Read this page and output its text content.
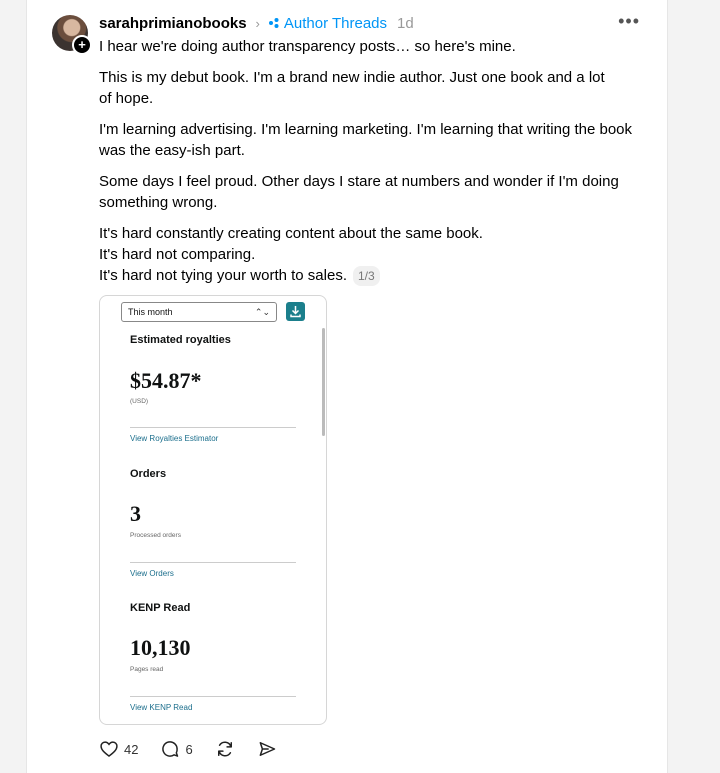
+
sarahprimianobooks › Author Threads 1d	•••

I hear we're doing author transparency posts… so here's mine.

This is my debut book. I'm a brand new indie author. Just one book and a lot of hope.

I'm learning advertising. I'm learning marketing. I'm learning that writing the book was the easy-ish part.

Some days I feel proud. Other days I stare at numbers and wonder if I'm doing something wrong.

It's hard constantly creating content about the same book.
It's hard not comparing.
It's hard not tying your worth to sales. 1/3
This month	⌃⌄
Estimated royalties
$54.87*
(USD)
View Royalties Estimator
Orders
3
Processed orders
View Orders
KENP Read
10,130
Pages read
View KENP Read
42	6
